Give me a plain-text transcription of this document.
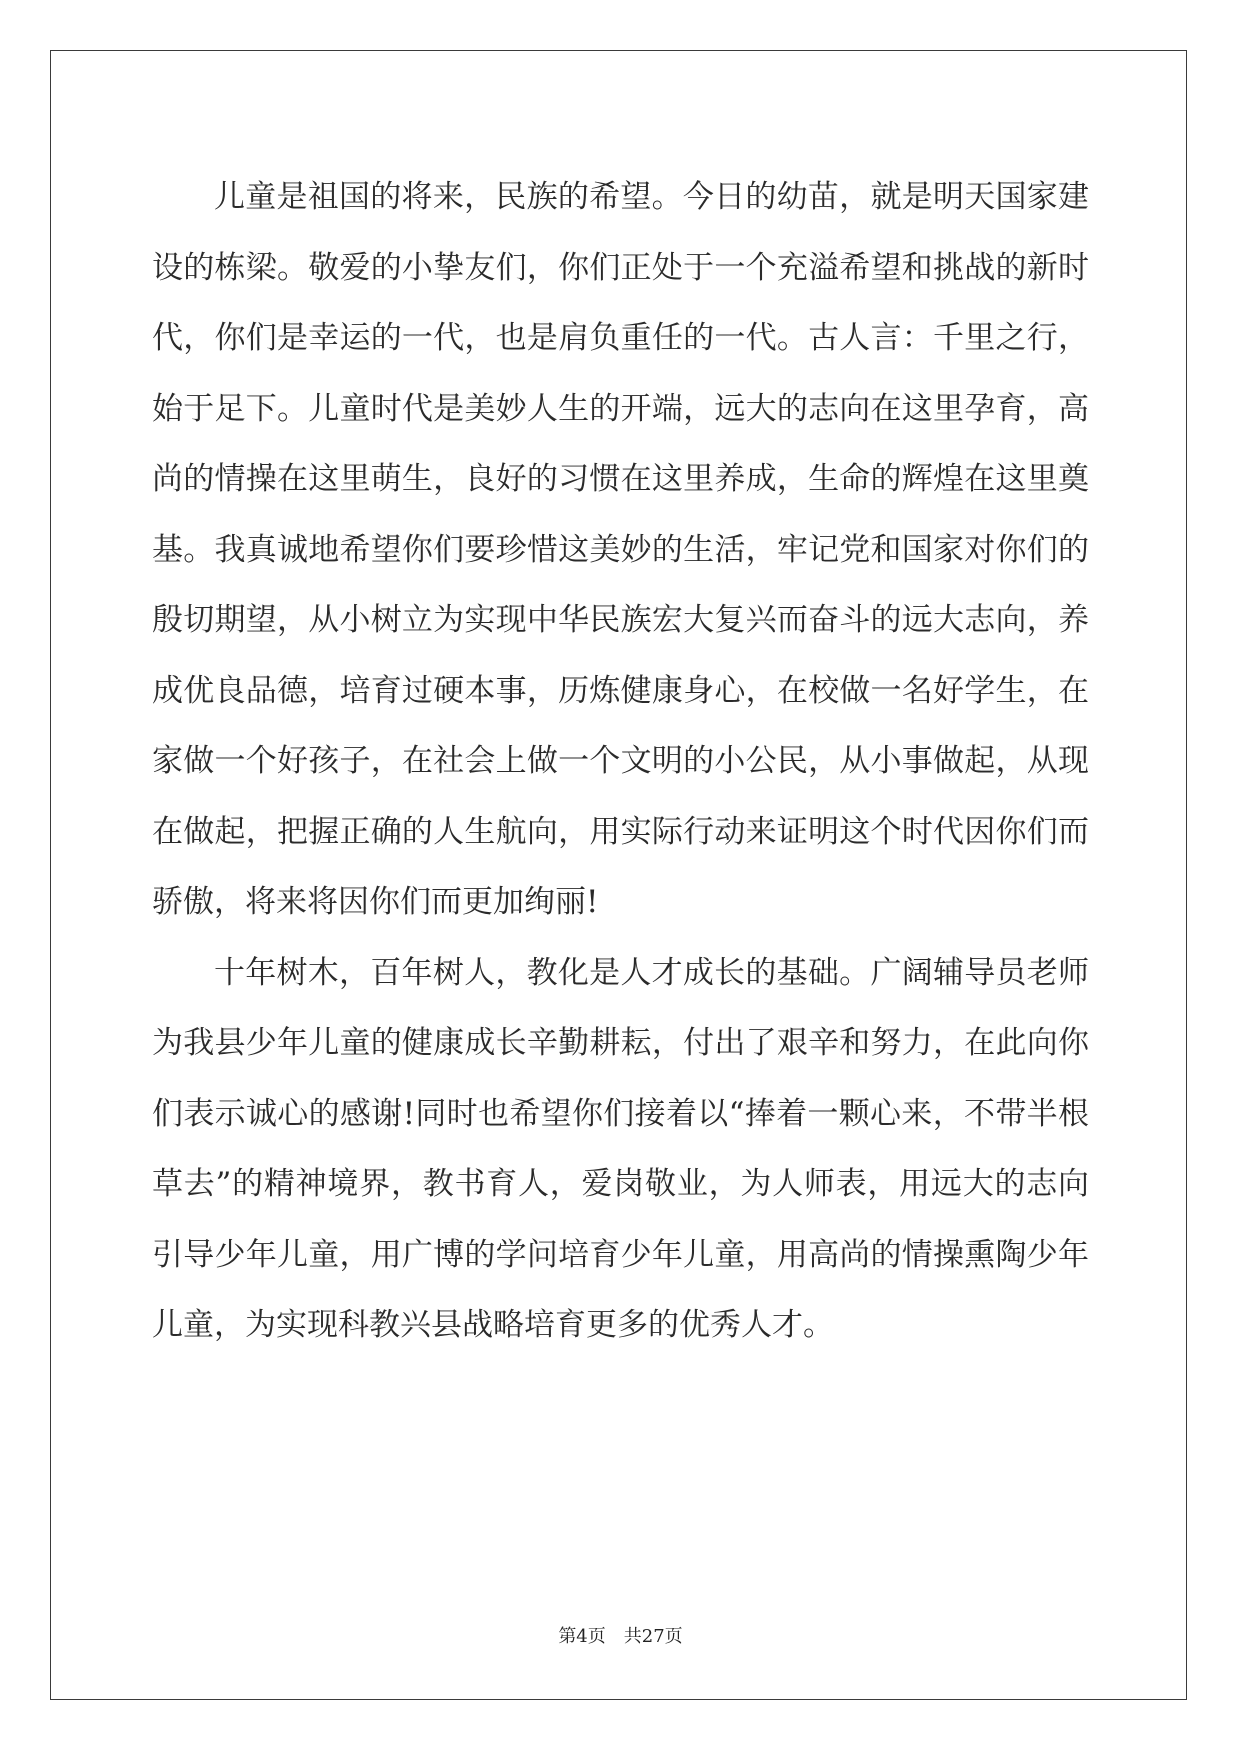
儿童是祖国的将来，民族的希望。今日的幼苗，就是明天国家建设的栋梁。敬爱的小挚友们，你们正处于一个充溢希望和挑战的新时代，你们是幸运的一代，也是肩负重任的一代。古人言：千里之行，始于足下。儿童时代是美妙人生的开端，远大的志向在这里孕育，高尚的情操在这里萌生，良好的习惯在这里养成，生命的辉煌在这里奠基。我真诚地希望你们要珍惜这美妙的生活，牢记党和国家对你们的殷切期望，从小树立为实现中华民族宏大复兴而奋斗的远大志向，养成优良品德，培育过硬本事，历炼健康身心，在校做一名好学生，在家做一个好孩子，在社会上做一个文明的小公民，从小事做起，从现在做起，把握正确的人生航向，用实际行动来证明这个时代因你们而骄傲，将来将因你们而更加绚丽!

十年树木，百年树人，教化是人才成长的基础。广阔辅导员老师为我县少年儿童的健康成长辛勤耕耘，付出了艰辛和努力，在此向你们表示诚心的感谢!同时也希望你们接着以“捧着一颗心来，不带半根草去”的精神境界，教书育人，爱岗敬业，为人师表，用远大的志向引导少年儿童，用广博的学问培育少年儿童，用高尚的情操熏陶少年儿童，为实现科教兴县战略培育更多的优秀人才。

第4页 共27页
